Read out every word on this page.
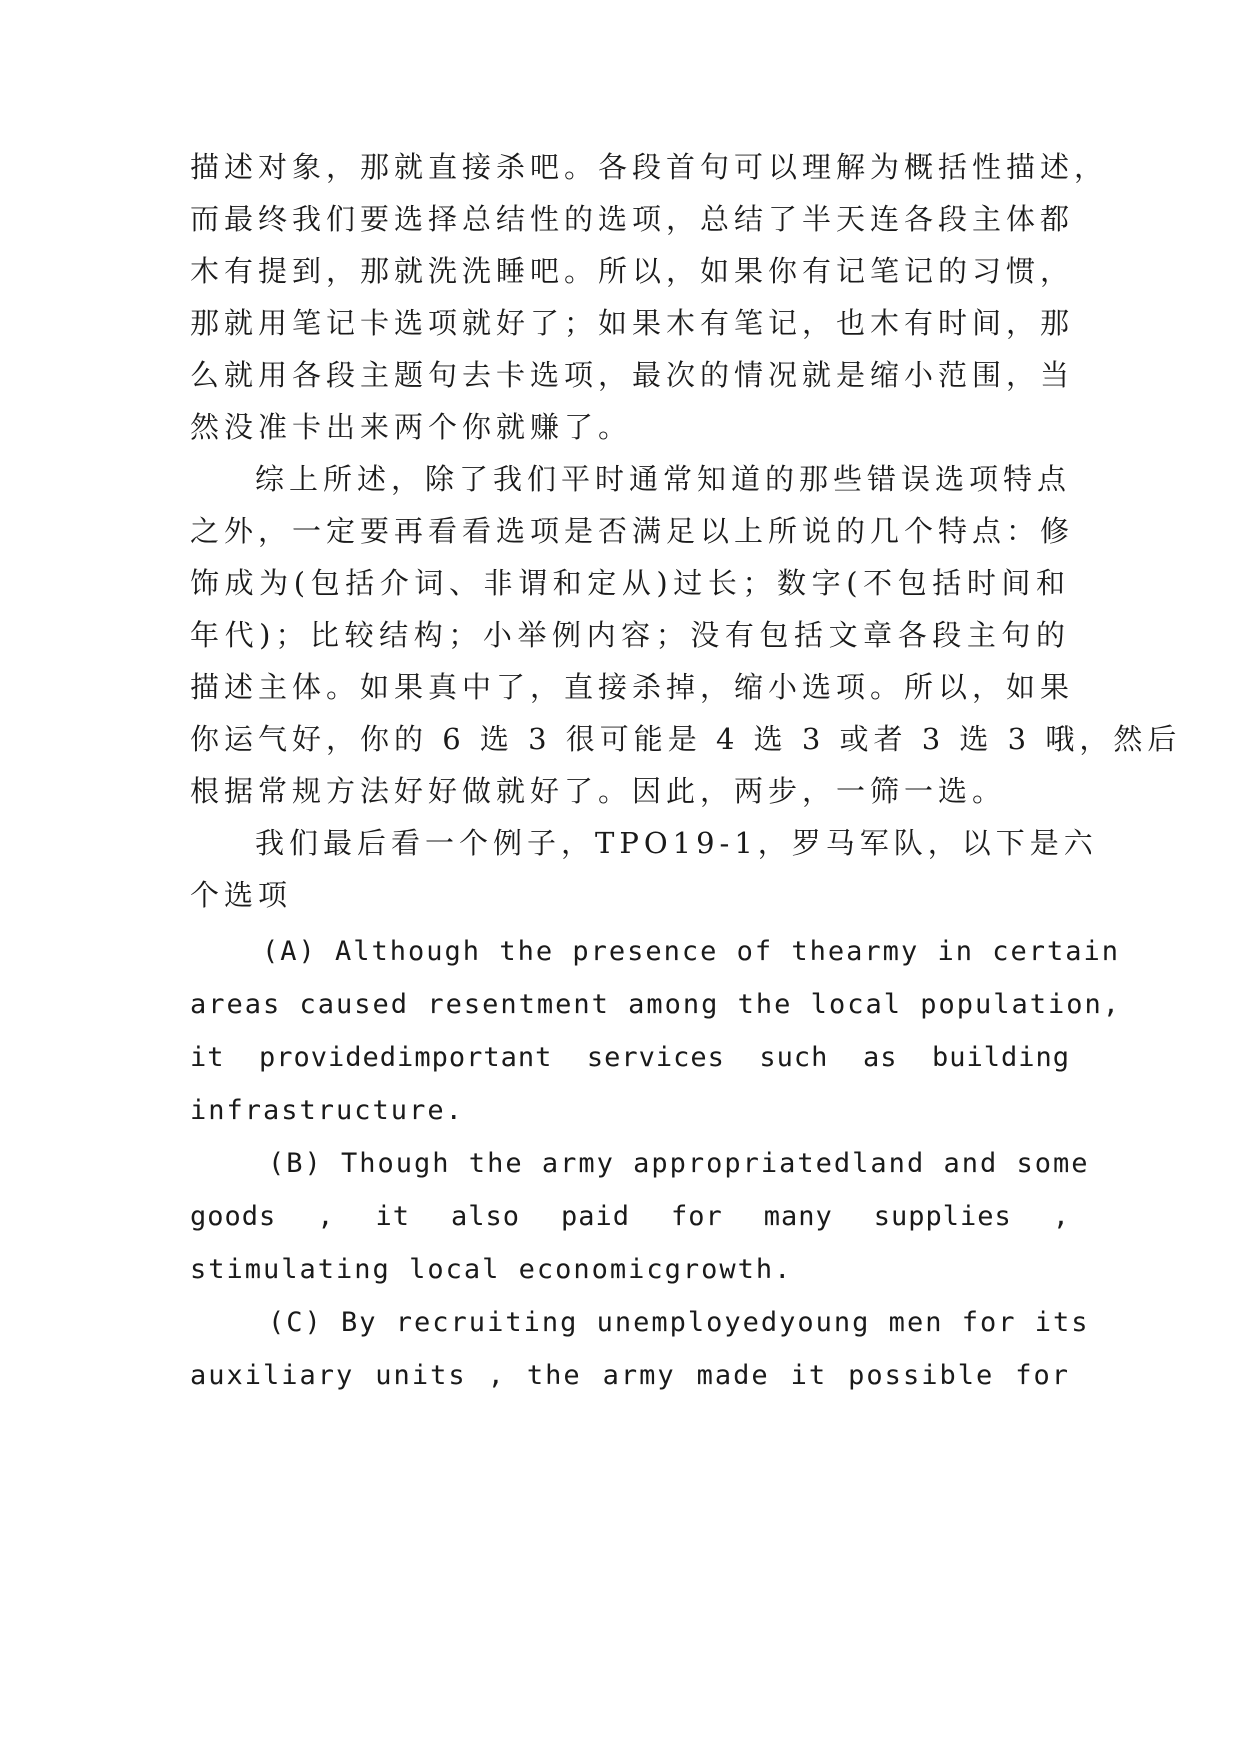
描述对象，那就直接杀吧。各段首句可以理解为概括性描述，
而最终我们要选择总结性的选项，总结了半天连各段主体都
木有提到，那就洗洗睡吧。所以，如果你有记笔记的习惯，
那就用笔记卡选项就好了；如果木有笔记，也木有时间，那
么就用各段主题句去卡选项，最次的情况就是缩小范围，当
然没准卡出来两个你就赚了。
综上所述，除了我们平时通常知道的那些错误选项特点
之外，一定要再看看选项是否满足以上所说的几个特点：修
饰成为(包括介词、非谓和定从)过长；数字(不包括时间和
年代)；比较结构；小举例内容；没有包括文章各段主句的
描述主体。如果真中了，直接杀掉，缩小选项。所以，如果
你运气好，你的 6 选 3 很可能是 4 选 3 或者 3 选 3 哦，然后
根据常规方法好好做就好了。因此，两步，一筛一选。
我们最后看一个例子，TPO19-1，罗马军队，以下是六
个选项
(A) Although the presence of thearmy in certain
areas caused resentment among the local population,
it providedimportant services such as building
infrastructure.
(B) Though the army appropriatedland and some
goods , it also paid for many supplies ,
stimulating local economicgrowth.
(C) By recruiting unemployedyoung men for its
auxiliary units , the army made it possible for
